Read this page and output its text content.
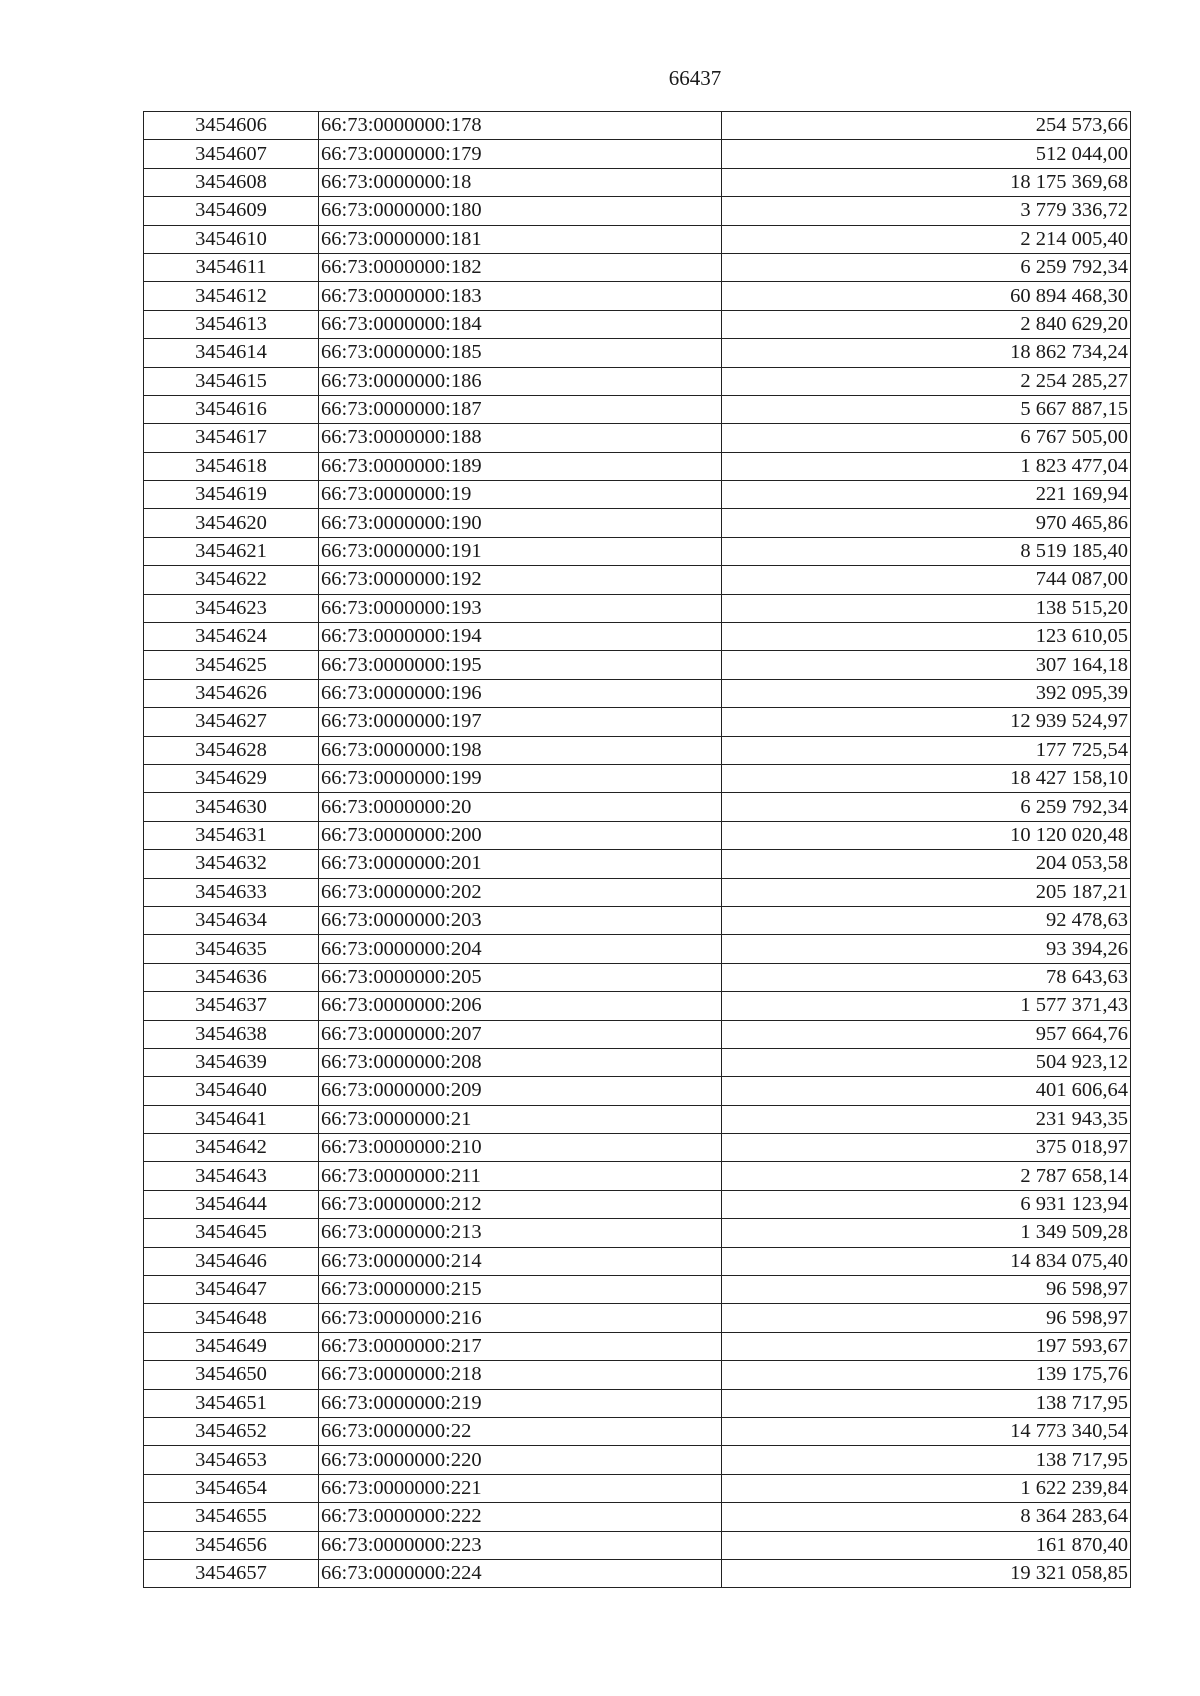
66437
3454606	66:73:0000000:178	254 573,66
3454607	66:73:0000000:179	512 044,00
3454608	66:73:0000000:18	18 175 369,68
3454609	66:73:0000000:180	3 779 336,72
3454610	66:73:0000000:181	2 214 005,40
3454611	66:73:0000000:182	6 259 792,34
3454612	66:73:0000000:183	60 894 468,30
3454613	66:73:0000000:184	2 840 629,20
3454614	66:73:0000000:185	18 862 734,24
3454615	66:73:0000000:186	2 254 285,27
3454616	66:73:0000000:187	5 667 887,15
3454617	66:73:0000000:188	6 767 505,00
3454618	66:73:0000000:189	1 823 477,04
3454619	66:73:0000000:19	221 169,94
3454620	66:73:0000000:190	970 465,86
3454621	66:73:0000000:191	8 519 185,40
3454622	66:73:0000000:192	744 087,00
3454623	66:73:0000000:193	138 515,20
3454624	66:73:0000000:194	123 610,05
3454625	66:73:0000000:195	307 164,18
3454626	66:73:0000000:196	392 095,39
3454627	66:73:0000000:197	12 939 524,97
3454628	66:73:0000000:198	177 725,54
3454629	66:73:0000000:199	18 427 158,10
3454630	66:73:0000000:20	6 259 792,34
3454631	66:73:0000000:200	10 120 020,48
3454632	66:73:0000000:201	204 053,58
3454633	66:73:0000000:202	205 187,21
3454634	66:73:0000000:203	92 478,63
3454635	66:73:0000000:204	93 394,26
3454636	66:73:0000000:205	78 643,63
3454637	66:73:0000000:206	1 577 371,43
3454638	66:73:0000000:207	957 664,76
3454639	66:73:0000000:208	504 923,12
3454640	66:73:0000000:209	401 606,64
3454641	66:73:0000000:21	231 943,35
3454642	66:73:0000000:210	375 018,97
3454643	66:73:0000000:211	2 787 658,14
3454644	66:73:0000000:212	6 931 123,94
3454645	66:73:0000000:213	1 349 509,28
3454646	66:73:0000000:214	14 834 075,40
3454647	66:73:0000000:215	96 598,97
3454648	66:73:0000000:216	96 598,97
3454649	66:73:0000000:217	197 593,67
3454650	66:73:0000000:218	139 175,76
3454651	66:73:0000000:219	138 717,95
3454652	66:73:0000000:22	14 773 340,54
3454653	66:73:0000000:220	138 717,95
3454654	66:73:0000000:221	1 622 239,84
3454655	66:73:0000000:222	8 364 283,64
3454656	66:73:0000000:223	161 870,40
3454657	66:73:0000000:224	19 321 058,85
